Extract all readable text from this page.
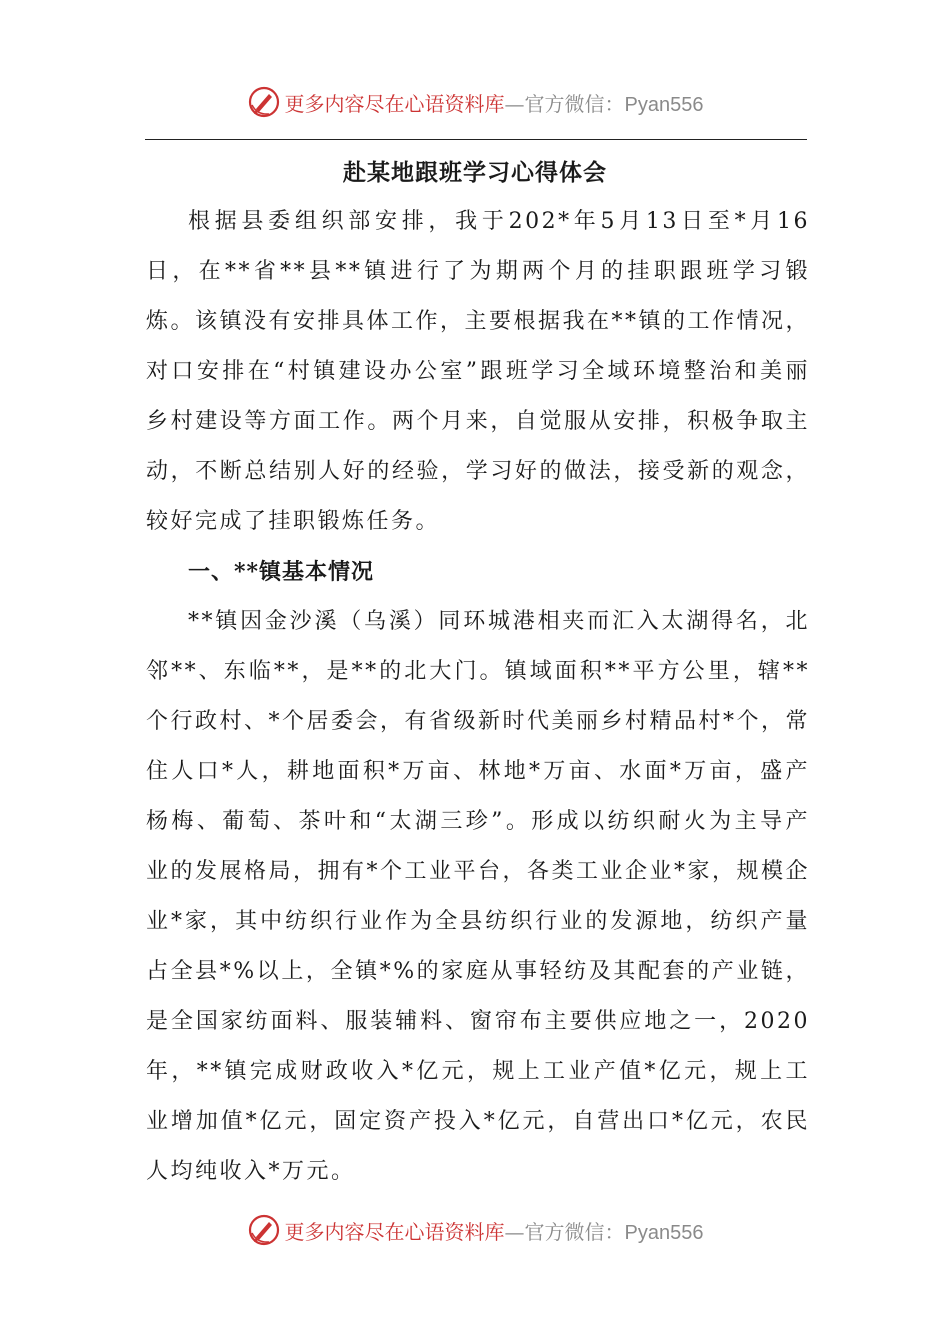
更多内容尽在心语资料库—官方微信：Pyan556
赴某地跟班学习心得体会

根据县委组织部安排，我于202*年5月13日至*月16日，在**省**县**镇进行了为期两个月的挂职跟班学习锻炼。该镇没有安排具体工作，主要根据我在**镇的工作情况，对口安排在“村镇建设办公室”跟班学习全域环境整治和美丽乡村建设等方面工作。两个月来，自觉服从安排，积极争取主动，不断总结别人好的经验，学习好的做法，接受新的观念，较好完成了挂职锻炼任务。

一、**镇基本情况

**镇因金沙溪（乌溪）同环城港相夹而汇入太湖得名，北邻**、东临**，是**的北大门。镇域面积**平方公里，辖**个行政村、*个居委会，有省级新时代美丽乡村精品村*个，常住人口*人，耕地面积*万亩、林地*万亩、水面*万亩，盛产杨梅、葡萄、茶叶和“太湖三珍”。形成以纺织耐火为主导产业的发展格局，拥有*个工业平台，各类工业企业*家，规模企业*家，其中纺织行业作为全县纺织行业的发源地，纺织产量占全县*%以上，全镇*%的家庭从事轻纺及其配套的产业链，是全国家纺面料、服装辅料、窗帘布主要供应地之一，2020年，**镇完成财政收入*亿元，规上工业产值*亿元，规上工业增加值*亿元，固定资产投入*亿元，自营出口*亿元，农民人均纯收入*万元。

更多内容尽在心语资料库—官方微信：Pyan556
